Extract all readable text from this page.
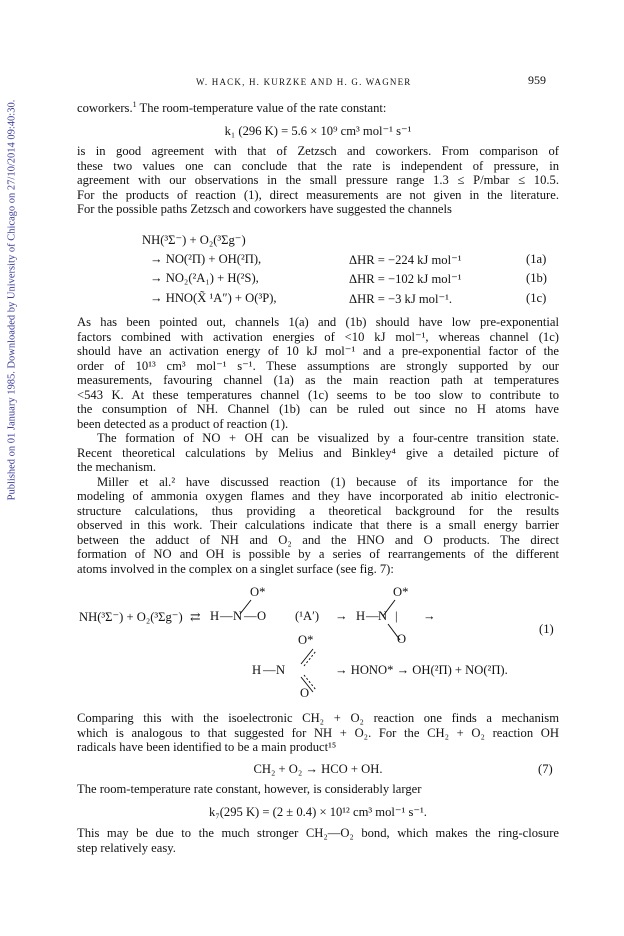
Published on 01 January 1985. Downloaded by University of Chicago on 27/10/2014 09:40:30.
W. HACK, H. KURZKE AND H. G. WAGNER	959
coworkers.$^1$ The room-temperature value of the rate constant:
k₁ (296 K) = 5.6 × 10⁹ cm³ mol⁻¹ s⁻¹
is in good agreement with that of Zetzsch and coworkers. From comparison of
these two values one can conclude that the rate is independent of pressure, in
agreement with our observations in the small pressure range 1.3 ≤ P/mbar ≤ 10.5.
For the products of reaction (1), direct measurements are not given in the literature.
For the possible paths Zetzsch and coworkers have suggested the channels
NH(³Σ⁻) + O₂(³Σg⁻)
→ NO(²Π) + OH(²Π),	ΔHR = −224 kJ mol⁻¹	(1a)
→ NO₂(²A₁) + H(²S),	ΔHR = −102 kJ mol⁻¹	(1b)
→ HNO(X̃ ¹A″) + O(³P),	ΔHR = −3 kJ mol⁻¹.	(1c)
As has been pointed out, channels 1(a) and (1b) should have low pre-exponential
factors combined with activation energies of <10 kJ mol⁻¹, whereas channel (1c)
should have an activation energy of 10 kJ mol⁻¹ and a pre-exponential factor of the
order of 10¹³ cm³ mol⁻¹ s⁻¹. These assumptions are strongly supported by our
measurements, favouring channel (1a) as the main reaction path at temperatures
<543 K. At these temperatures channel (1c) seems to be too slow to contribute to
the consumption of NH. Channel (1b) can be ruled out since no H atoms have
been detected as a product of reaction (1).
The formation of NO + OH can be visualized by a four-centre transition state.
Recent theoretical calculations by Melius and Binkley⁴ give a detailed picture of
the mechanism.
Miller et al.² have discussed reaction (1) because of its importance for the
modeling of ammonia oxygen flames and they have incorporated ab initio electronic-
structure calculations, thus providing a theoretical background for the results
observed in this work. Their calculations indicate that there is a small energy barrier
between the adduct of NH and O₂ and the HNO and O products. The direct
formation of NO and OH is possible by a series of rearrangements of the different
atoms involved in the complex on a singlet surface (see fig. 7):
NH(³Σ⁻) + O₂(³Σg⁻) ⇄ H — N — O
O*
(¹A′) → H — N |
O*
O
→
(1)
O*
H — N
O
→ HONO* → OH(²Π) + NO(²Π).
Comparing this with the isoelectronic CH₂ + O₂ reaction one finds a mechanism
which is analogous to that suggested for NH + O₂. For the CH₂ + O₂ reaction OH
radicals have been identified to be a main product¹⁵
CH₂ + O₂ → HCO + OH.	(7)
The room-temperature rate constant, however, is considerably larger
k₇(295 K) = (2 ± 0.4) × 10¹² cm³ mol⁻¹ s⁻¹.
This may be due to the much stronger CH₂—O₂ bond, which makes the ring-closure
step relatively easy.
